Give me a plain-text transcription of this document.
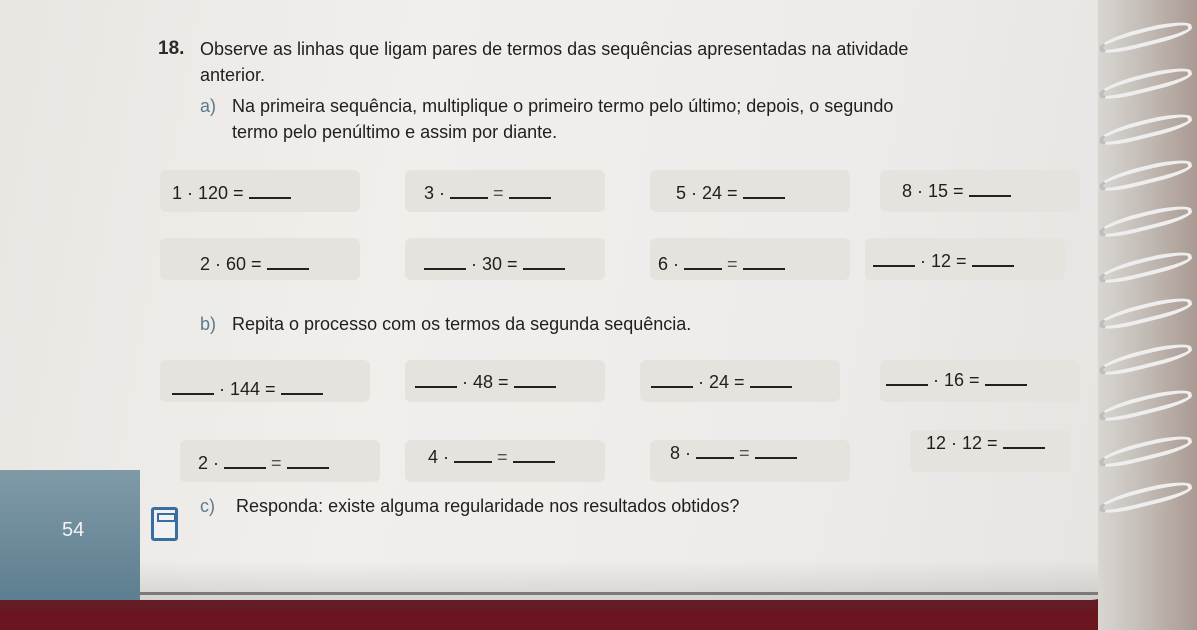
54
18. Observe as linhas que ligam pares de termos das sequências apresentadas na atividade
anterior.
a) Na primeira sequência, multiplique o primeiro termo pelo último; depois, o segundo
termo pelo penúltimo e assim por diante.
1 · 120 =	3 ·	=	5 · 24 =	8 · 15 =
2 · 60 =	· 30 =	6 ·	=	· 12 =
b) Repita o processo com os termos da segunda sequência.
· 144 =	· 48 =	· 24 =	· 16 =
2 ·	=	4 ·	=	8 ·	=	12 · 12 =
c) Responda: existe alguma regularidade nos resultados obtidos?
